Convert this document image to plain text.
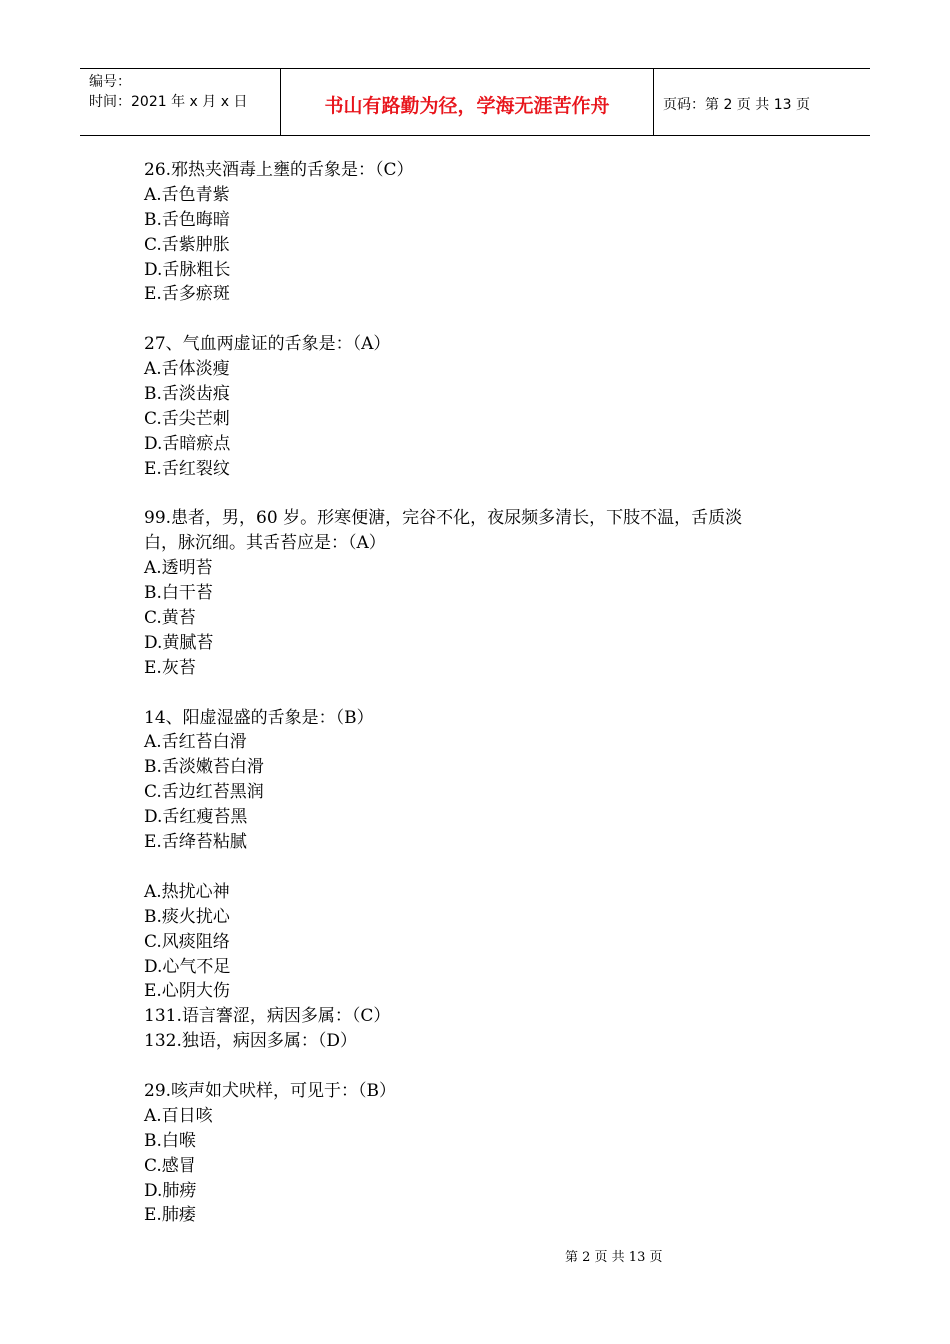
编号：
时间：2021 年 x 月 x 日	书山有路勤为径，学海无涯苦作舟	页码：第 2 页 共 13 页
26.邪热夹酒毒上壅的舌象是：（C）
A.舌色青紫
B.舌色晦暗
C.舌紫肿胀
D.舌脉粗长
E.舌多瘀斑
27、气血两虚证的舌象是：（A）
A.舌体淡瘦
B.舌淡齿痕
C.舌尖芒刺
D.舌暗瘀点
E.舌红裂纹
99.患者，男，60 岁。形寒便溏，完谷不化，夜尿频多清长，下肢不温，舌质淡
白，脉沉细。其舌苔应是：（A）
A.透明苔
B.白干苔
C.黄苔
D.黄腻苔
E.灰苔
14、阳虚湿盛的舌象是：（B）
A.舌红苔白滑
B.舌淡嫩苔白滑
C.舌边红苔黑润
D.舌红瘦苔黑
E.舌绛苔粘腻
A.热扰心神
B.痰火扰心
C.风痰阻络
D.心气不足
E.心阴大伤
131.语言謇涩，病因多属：（C）
132.独语，病因多属：（D）
29.咳声如犬吠样，可见于：（B）
A.百日咳
B.白喉
C.感冒
D.肺痨
E.肺痿
第 2 页 共 13 页
